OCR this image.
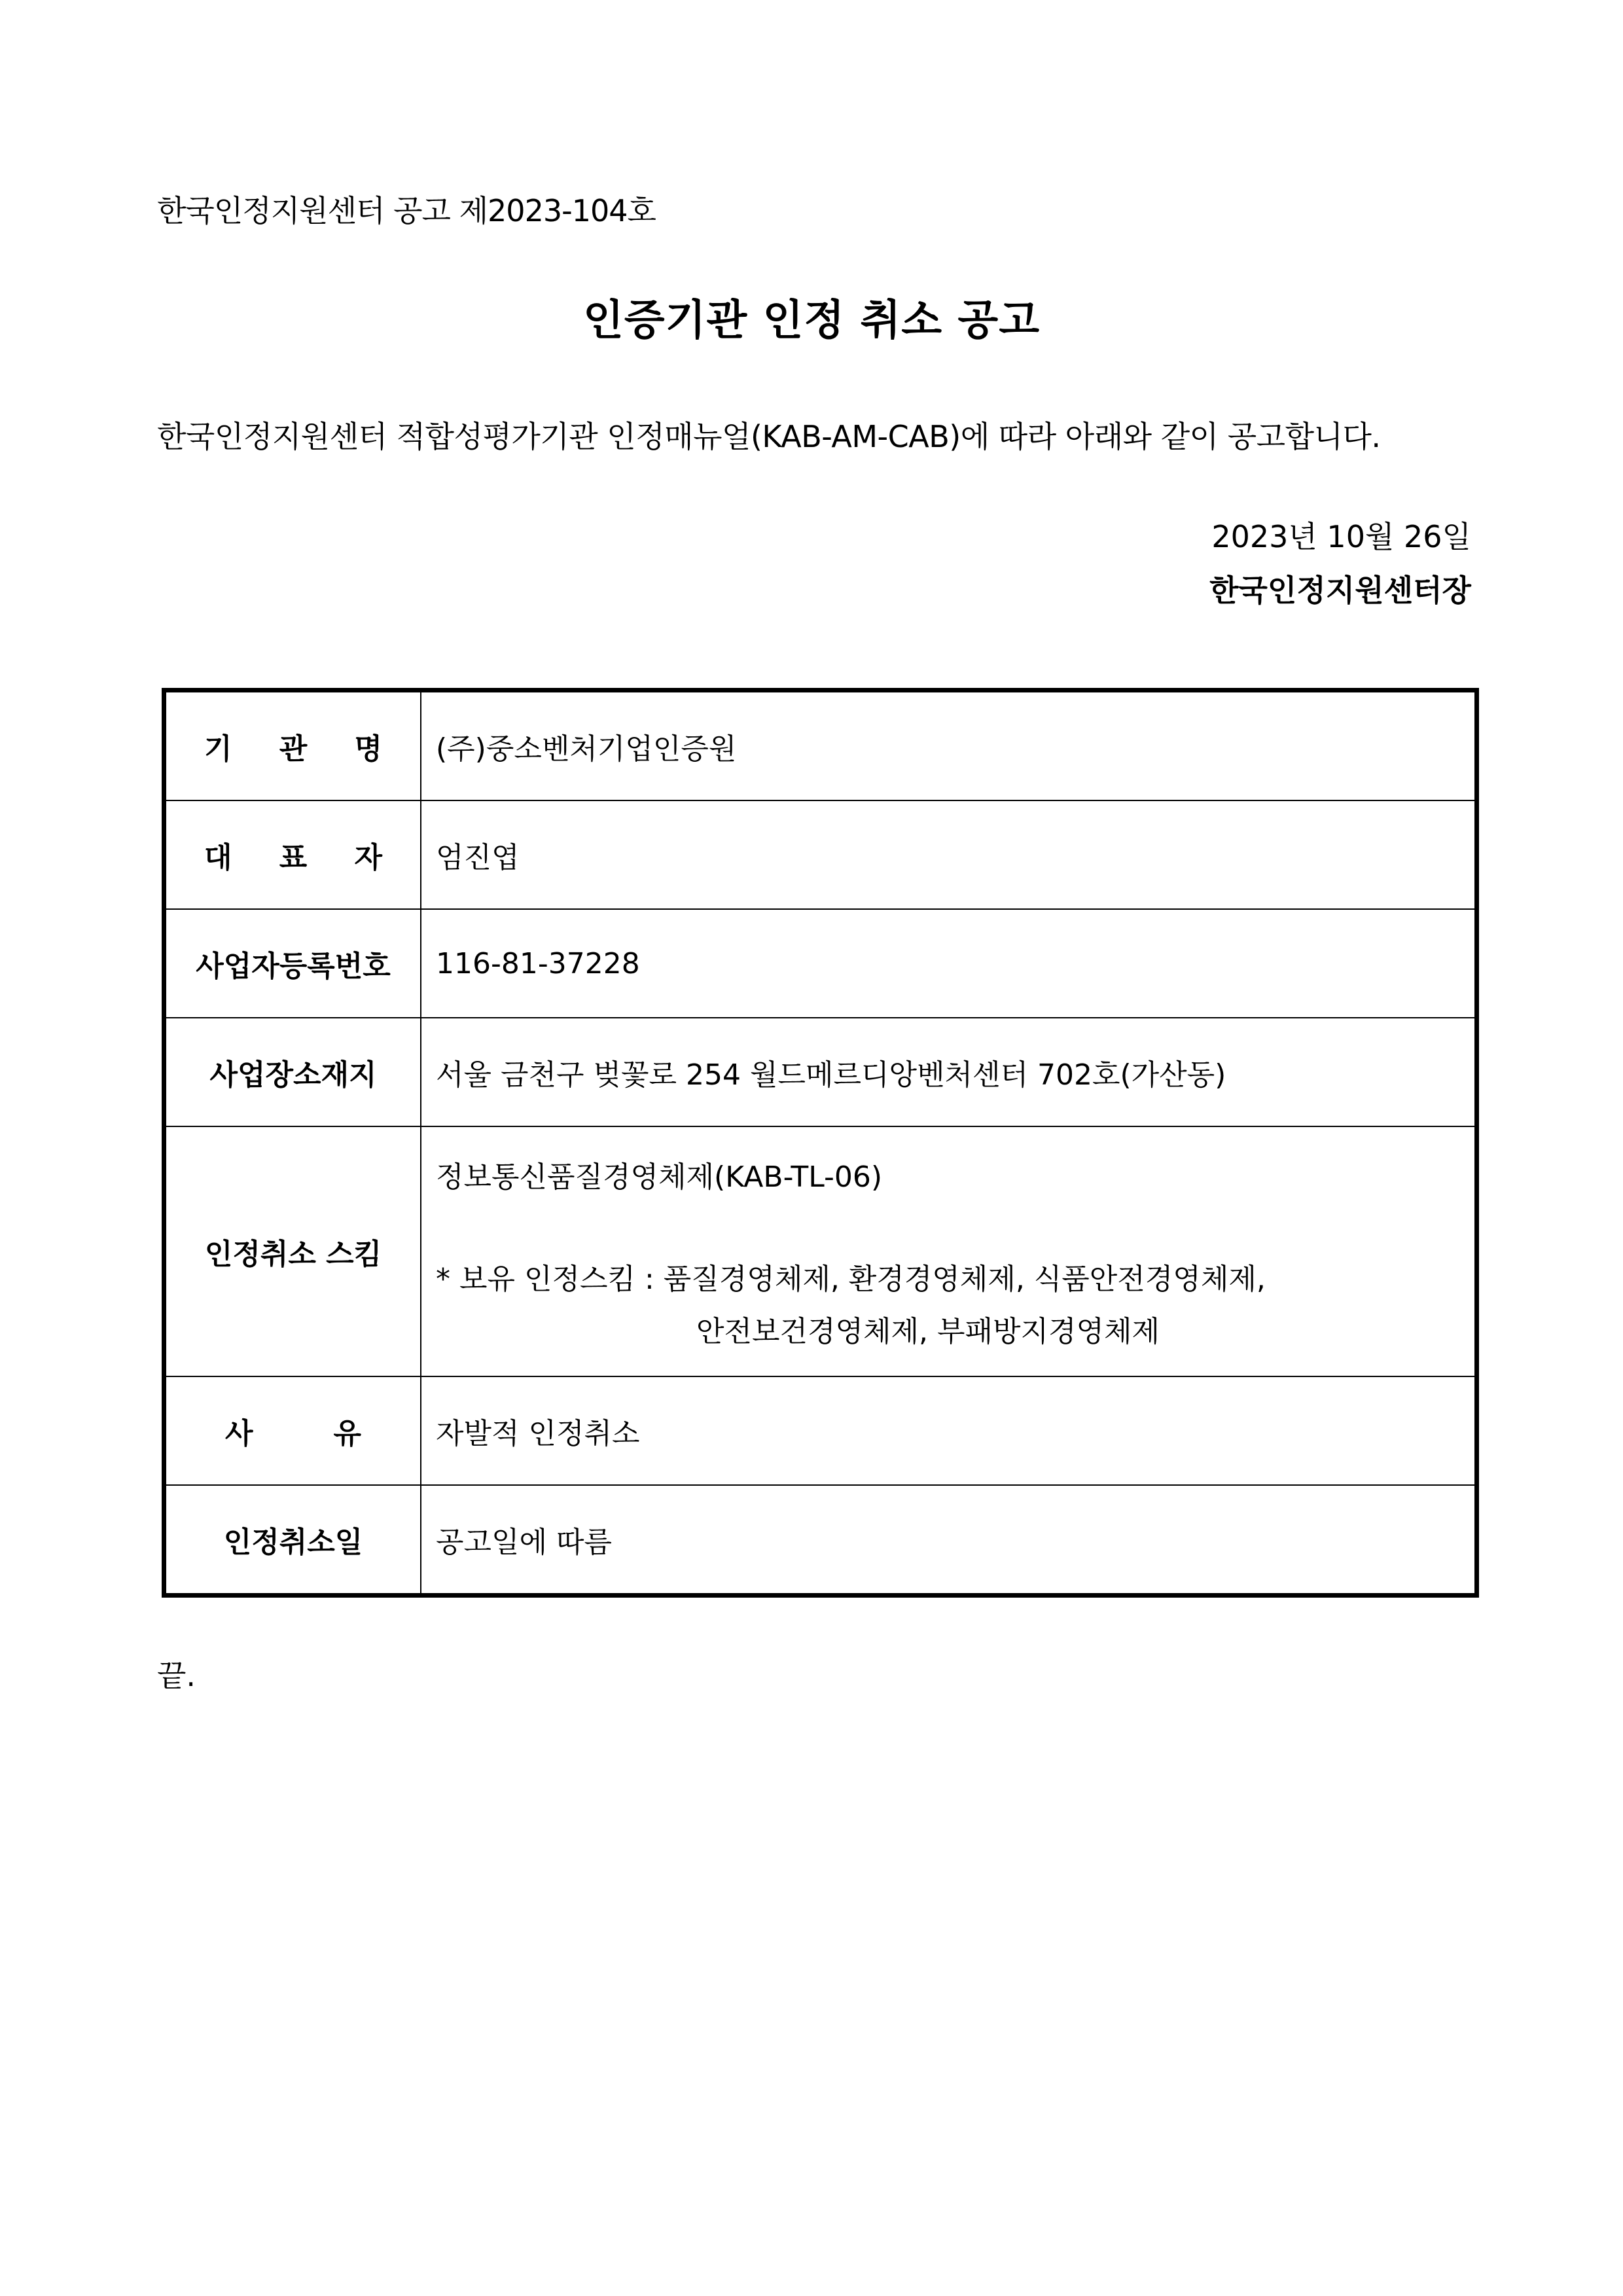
한국인정지원센터 공고 제2023-104호
인증기관 인정 취소 공고
한국인정지원센터 적합성평가기관 인정매뉴얼(KAB-AM-CAB)에 따라 아래와 같이 공고합니다.
2023년 10월 26일
한국인정지원센터장
기 관 명	(주)중소벤처기업인증원

대 표 자	엄진엽
사업자등록번호	116-81-37228
사업장소재지	서울 금천구 벚꽃로 254 월드메르디앙벤처센터 702호(가산동)
인정취소 스킴	정보통신품질경영체제(KAB-TL-06)
* 보유 인정스킴 : 품질경영체제, 환경경영체제, 식품안전경영체제,
안전보건경영체제, 부패방지경영체제

사 유	자발적 인정취소
인정취소일	공고일에 따름
끝.
